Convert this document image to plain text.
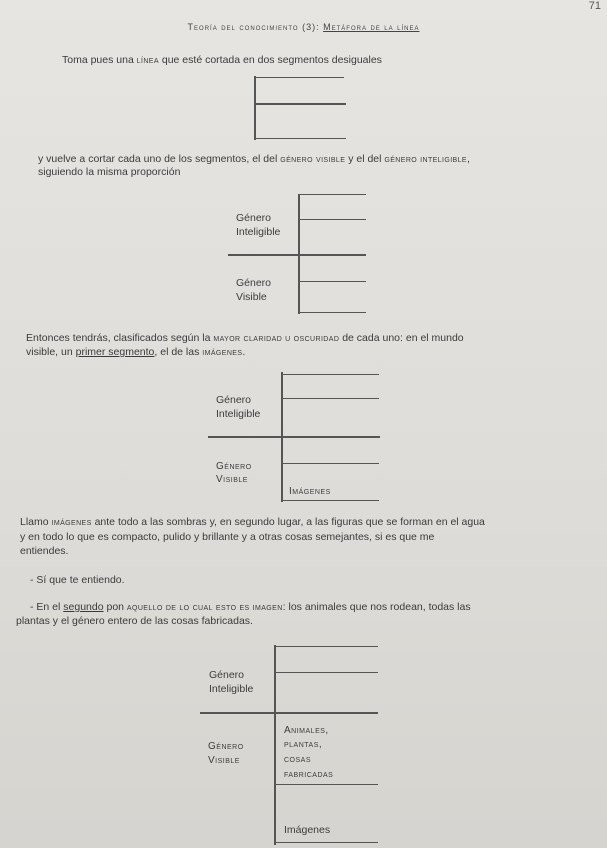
71
Teoría del conocimiento (3): Metáfora de la línea
Toma pues una línea que esté cortada en dos segmentos desiguales
y vuelve a cortar cada uno de los segmentos, el del género visible y el del género inteligible,
siguiendo la misma proporción
Género
Inteligible
Género
Visible
Entonces tendrás, clasificados según la mayor claridad u oscuridad de cada uno: en el mundo
visible, un primer segmento, el de las imágenes.
Género
Inteligible
Género
Visible
Imágenes
Llamo imágenes ante todo a las sombras y, en segundo lugar, a las figuras que se forman en el agua
y en todo lo que es compacto, pulido y brillante y a otras cosas semejantes, si es que me
entiendes.
- Sí que te entiendo.
- En el segundo pon aquello de lo cual esto es imagen: los animales que nos rodean, todas las
plantas y el género entero de las cosas fabricadas.
Género
Inteligible
Género
Visible
Animales,
plantas,
cosas
fabricadas
Imágenes
